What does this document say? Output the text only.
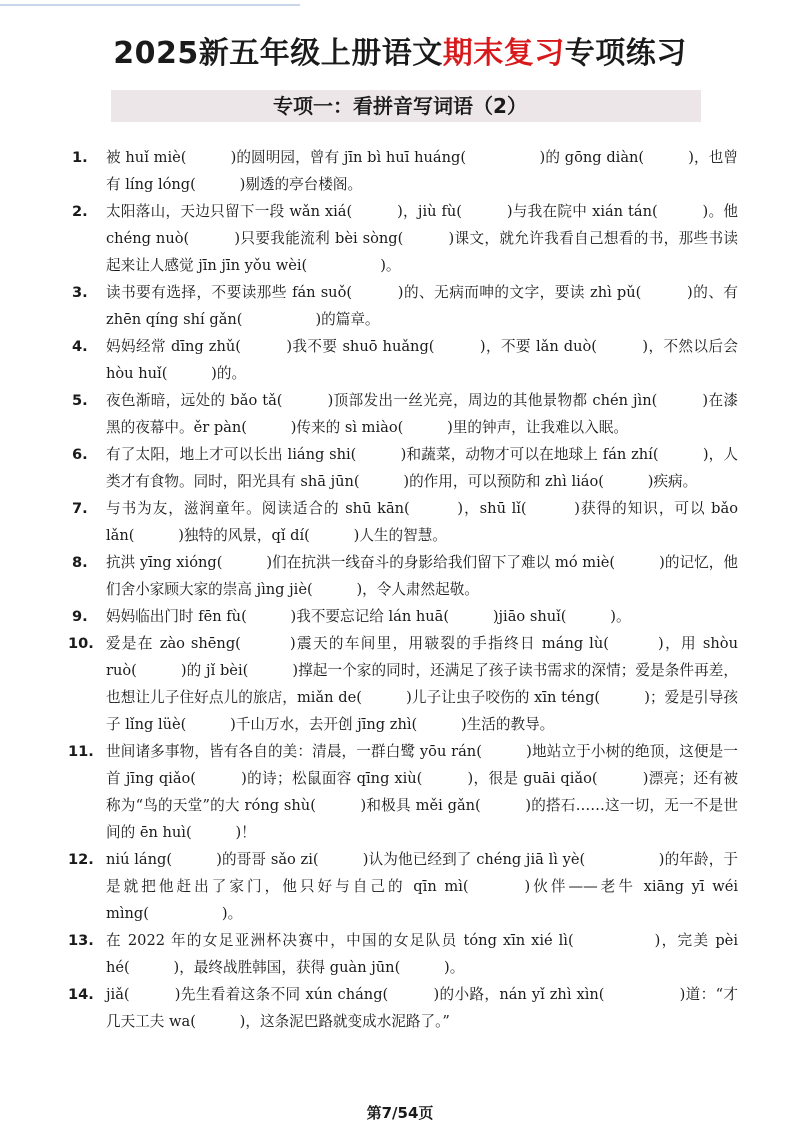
2025新五年级上册语文期末复习专项练习
专项一：看拼音写词语（2）
1. 被 huǐ miè(　　　)的圆明园，曾有 jīn bì huī huáng(　　　　　)的 gōng diàn(　　　)，也曾有 líng lóng(　　　)剔透的亭台楼阁。
2. 太阳落山，天边只留下一段 wǎn xiá(　　　)，jiù fù(　　　)与我在院中 xián tán(　　　)。他 chéng nuò(　　　)只要我能流利 bèi sòng(　　　)课文，就允许我看自己想看的书，那些书读起来让人感觉 jīn jīn yǒu wèi(　　　　　)。
3. 读书要有选择，不要读那些 fán suǒ(　　　)的、无病而呻的文字，要读 zhì pǔ(　　　)的、有 zhēn qíng shí gǎn(　　　　　)的篇章。
4. 妈妈经常 dīng zhǔ(　　　)我不要 shuō huǎng(　　　)，不要 lǎn duò(　　　)，不然以后会 hòu huǐ(　　　)的。
5. 夜色渐暗，远处的 bǎo tǎ(　　　)顶部发出一丝光亮，周边的其他景物都 chén jìn(　　　)在漆黑的夜幕中。ěr pàn(　　　)传来的 sì miào(　　　)里的钟声，让我难以入眠。
6. 有了太阳，地上才可以长出 liáng shi(　　　)和蔬菜，动物才可以在地球上 fán zhí(　　　)，人类才有食物。同时，阳光具有 shā jūn(　　　)的作用，可以预防和 zhì liáo(　　　)疾病。
7. 与书为友，滋润童年。阅读适合的 shū kān(　　　)，shū lǐ(　　　)获得的知识，可以 bǎo lǎn(　　　)独特的风景，qǐ dí(　　　)人生的智慧。
8. 抗洪 yīng xióng(　　　)们在抗洪一线奋斗的身影给我们留下了难以 mó miè(　　　)的记忆，他们舍小家顾大家的崇高 jìng jiè(　　　)，令人肃然起敬。
9. 妈妈临出门时 fēn fù(　　　)我不要忘记给 lán huā(　　　)jiāo shuǐ(　　　)。
10. 爱是在 zào shēng(　　　)震天的车间里，用皲裂的手指终日 máng lù(　　　)，用 shòu ruò(　　　)的 jǐ bèi(　　　)撑起一个家的同时，还满足了孩子读书需求的深情；爱是条件再差，也想让儿子住好点儿的旅店，miǎn de(　　　)儿子让虫子咬伤的 xīn téng(　　　)；爱是引导孩子 lǐng lüè(　　　)千山万水，去开创 jīng zhì(　　　)生活的教导。
11. 世间诸多事物，皆有各自的美：清晨，一群白鹭 yōu rán(　　　)地站立于小树的绝顶，这便是一首 jīng qiǎo(　　　)的诗；松鼠面容 qīng xiù(　　　)，很是 guāi qiǎo(　　　)漂亮；还有被称为“鸟的天堂”的大 róng shù(　　　)和极具 měi gǎn(　　　)的搭石……这一切，无一不是世间的 ēn huì(　　　)！
12. niú láng(　　　)的哥哥 sǎo zi(　　　)认为他已经到了 chéng jiā lì yè(　　　　　)的年龄，于是就把他赶出了家门，他只好与自己的 qīn mì(　　　)伙伴——老牛 xiāng yī wéi mìng(　　　　　)。
13. 在 2022 年的女足亚洲杯决赛中，中国的女足队员 tóng xīn xié lì(　　　　　)，完美 pèi hé(　　　)，最终战胜韩国，获得 guàn jūn(　　　)。
14. jiǎ(　　　)先生看着这条不同 xún cháng(　　　)的小路，nán yǐ zhì xìn(　　　　　)道：“才几天工夫 wa(　　　)，这条泥巴路就变成水泥路了。”
第7/54页
